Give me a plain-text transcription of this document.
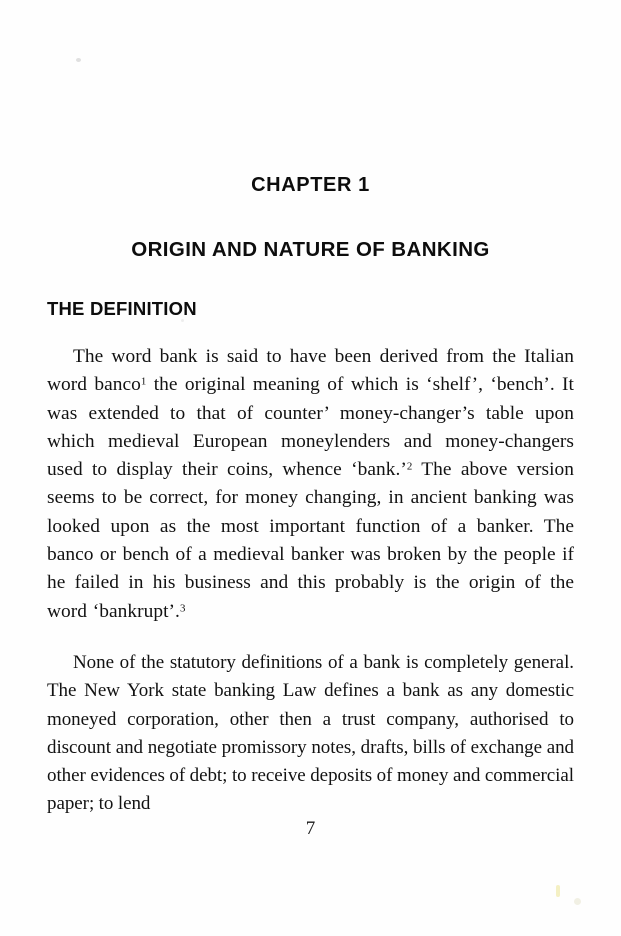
CHAPTER 1
ORIGIN AND NATURE OF BANKING
THE DEFINITION

The word bank is said to have been derived from the Italian word banco$^1$ the original meaning of which is ‘shelf’, ‘bench’. It was extended to that of counter’ money-changer’s table upon which medieval European moneylenders and money-changers used to display their coins, whence ‘bank.’$^2$ The above version seems to be correct, for money changing, in ancient banking was looked upon as the most important function of a banker. The banco or bench of a medieval banker was broken by the people if he failed in his business and this probably is the origin of the word ‘bankrupt’.$^3$

None of the statutory definitions of a bank is completely general. The New York state banking Law defines a bank as any domestic moneyed corporation, other then a trust company, authorised to discount and negotiate promissory notes, drafts, bills of exchange and other evidences of debt; to receive deposits of money and commercial paper; to lend

7
